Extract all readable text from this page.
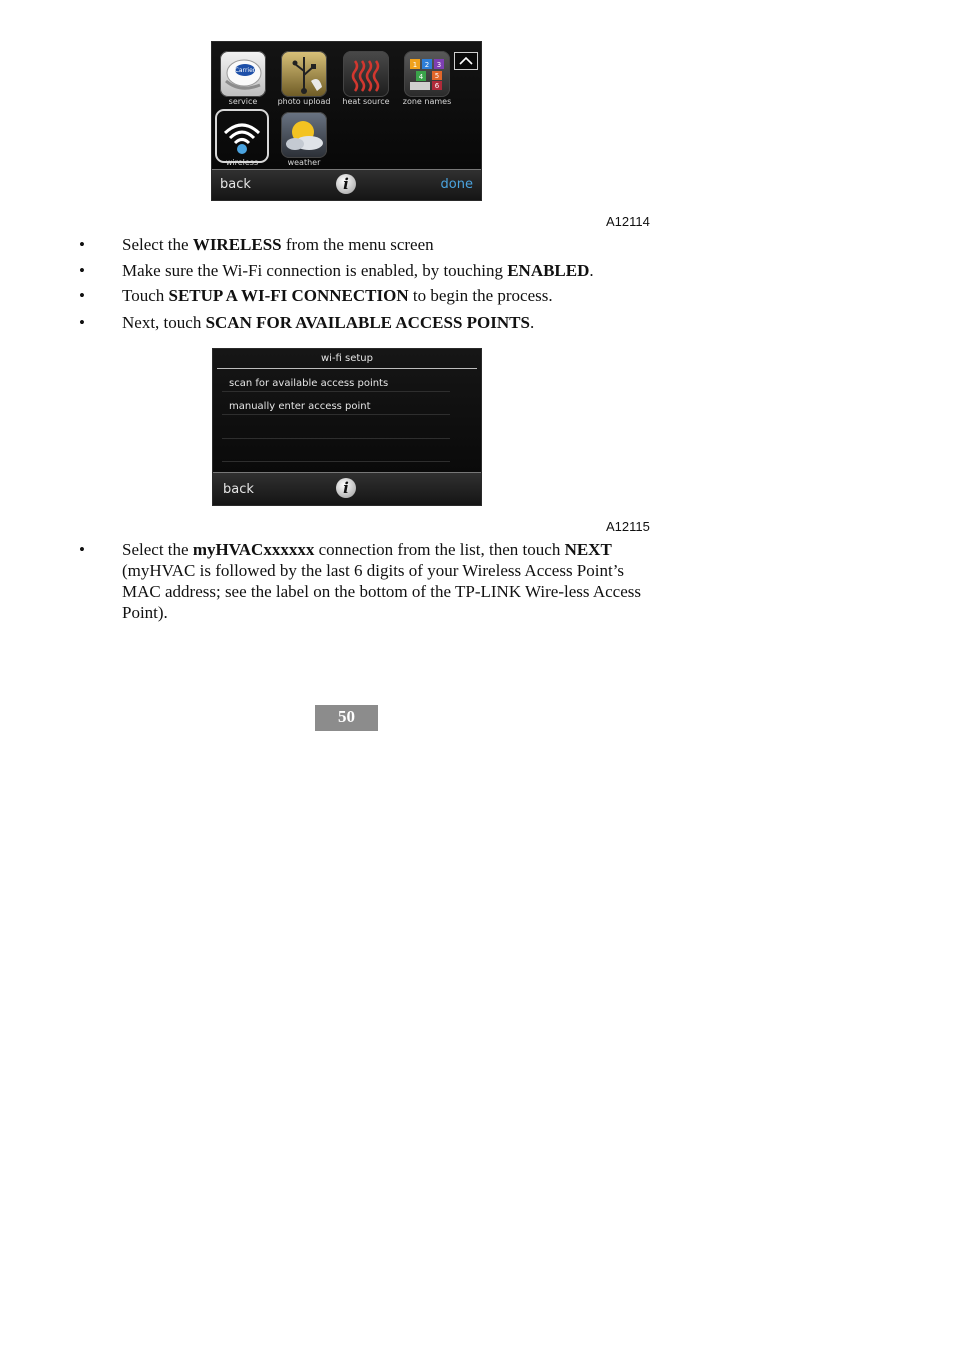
Carrier
service	photo upload	heat source
1 2 3
4 5
6
zone names
wireless	weather
back	i	done
A12114
• Select the WIRELESS from the menu screen
• Make sure the Wi-Fi connection is enabled, by touching ENABLED.
• Touch SETUP A WI-FI CONNECTION to begin the process.
• Next, touch SCAN FOR AVAILABLE ACCESS POINTS.
wi-fi setup
scan for available access points
manually enter access point
back	i
A12115
• Select the myHVACxxxxxx connection from the list, then touch NEXT (myHVAC is followed by the last 6 digits of your Wireless Access Point’s MAC address; see the label on the bottom of the TP-LINK Wire-less Access Point).
50
